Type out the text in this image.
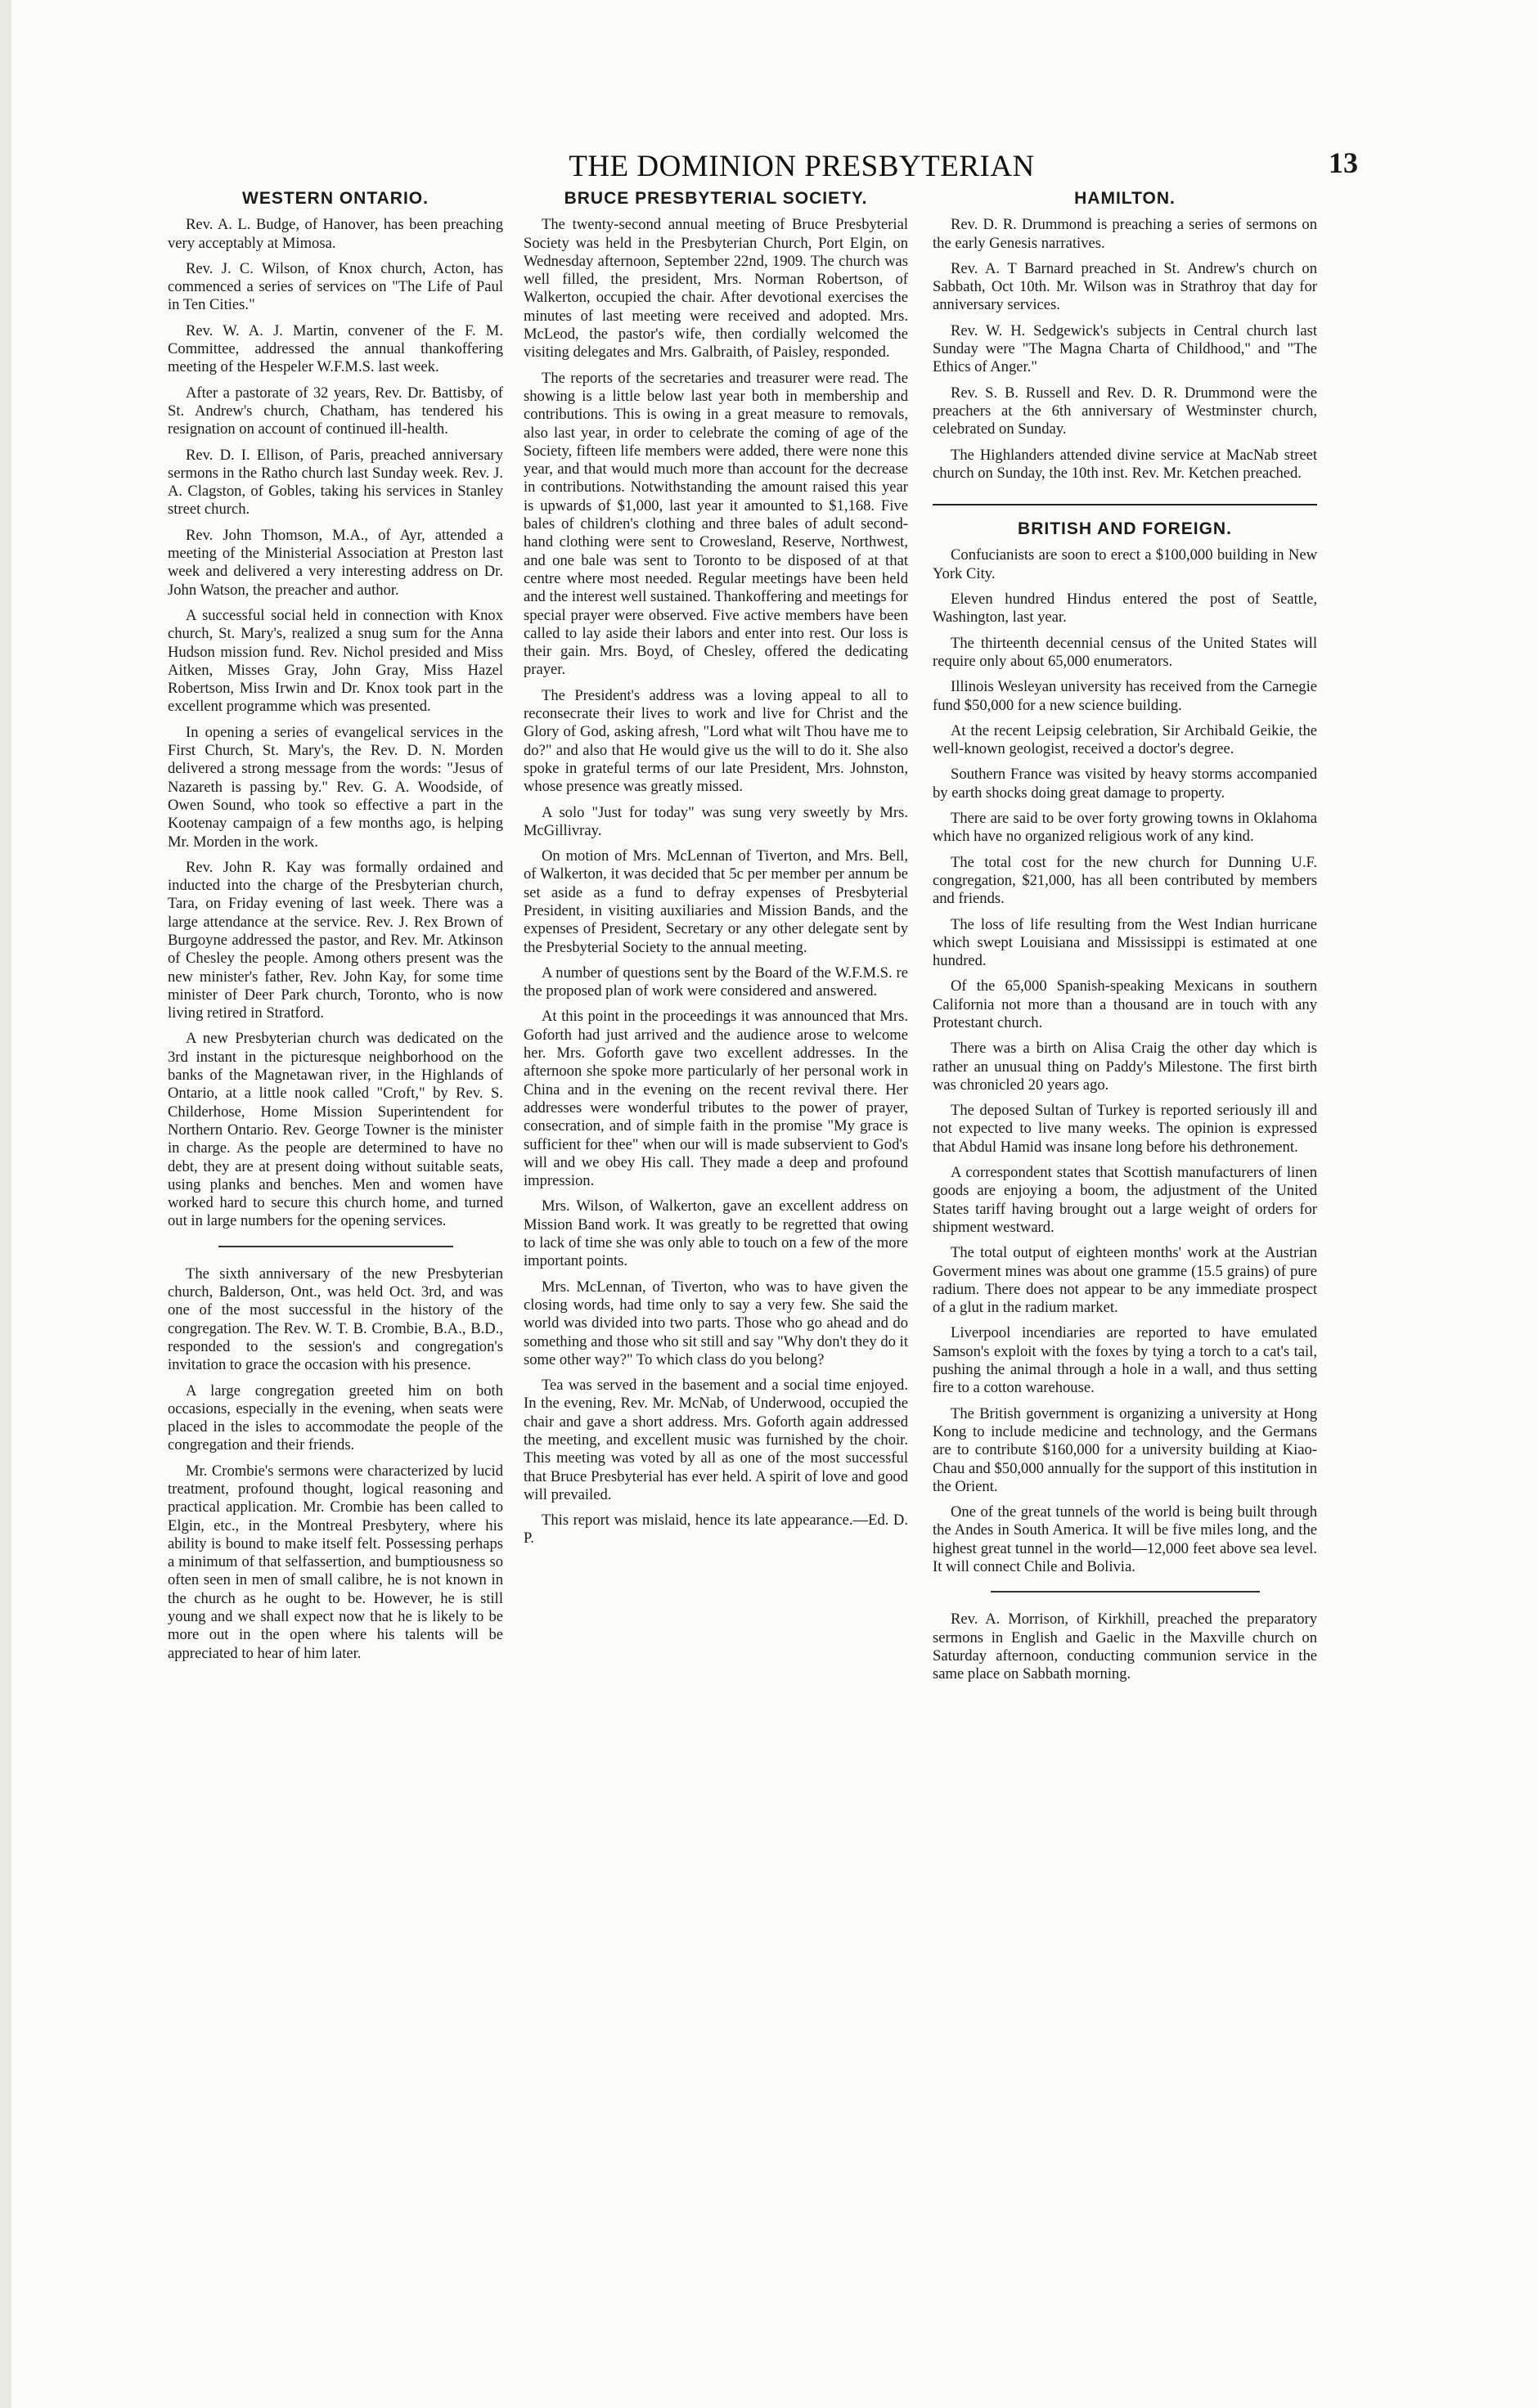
THE DOMINION PRESBYTERIAN	13
WESTERN ONTARIO.

Rev. A. L. Budge, of Hanover, has been preaching very acceptably at Mimosa.

Rev. J. C. Wilson, of Knox church, Acton, has commenced a series of services on "The Life of Paul in Ten Cities."

Rev. W. A. J. Martin, convener of the F. M. Committee, addressed the annual thankoffering meeting of the Hespeler W.F.M.S. last week.

After a pastorate of 32 years, Rev. Dr. Battisby, of St. Andrew's church, Chatham, has tendered his resignation on account of continued ill-health.

Rev. D. I. Ellison, of Paris, preached anniversary sermons in the Ratho church last Sunday week. Rev. J. A. Clagston, of Gobles, taking his services in Stanley street church.

Rev. John Thomson, M.A., of Ayr, attended a meeting of the Ministerial Association at Preston last week and delivered a very interesting address on Dr. John Watson, the preacher and author.

A successful social held in connection with Knox church, St. Mary's, realized a snug sum for the Anna Hudson mission fund. Rev. Nichol presided and Miss Aitken, Misses Gray, John Gray, Miss Hazel Robertson, Miss Irwin and Dr. Knox took part in the excellent programme which was presented.

In opening a series of evangelical services in the First Church, St. Mary's, the Rev. D. N. Morden delivered a strong message from the words: "Jesus of Nazareth is passing by." Rev. G. A. Woodside, of Owen Sound, who took so effective a part in the Kootenay campaign of a few months ago, is helping Mr. Morden in the work.

Rev. John R. Kay was formally ordained and inducted into the charge of the Presbyterian church, Tara, on Friday evening of last week. There was a large attendance at the service. Rev. J. Rex Brown of Burgoyne addressed the pastor, and Rev. Mr. Atkinson of Chesley the people. Among others present was the new minister's father, Rev. John Kay, for some time minister of Deer Park church, Toronto, who is now living retired in Stratford.

A new Presbyterian church was dedicated on the 3rd instant in the picturesque neighborhood on the banks of the Magnetawan river, in the Highlands of Ontario, at a little nook called "Croft," by Rev. S. Childerhose, Home Mission Superintendent for Northern Ontario. Rev. George Towner is the minister in charge. As the people are determined to have no debt, they are at present doing without suitable seats, using planks and benches. Men and women have worked hard to secure this church home, and turned out in large numbers for the opening services.

The sixth anniversary of the new Presbyterian church, Balderson, Ont., was held Oct. 3rd, and was one of the most successful in the history of the congregation. The Rev. W. T. B. Crombie, B.A., B.D., responded to the session's and congregation's invitation to grace the occasion with his presence.

A large congregation greeted him on both occasions, especially in the evening, when seats were placed in the isles to accommodate the people of the congregation and their friends.

Mr. Crombie's sermons were characterized by lucid treatment, profound thought, logical reasoning and practical application. Mr. Crombie has been called to Elgin, etc., in the Montreal Presbytery, where his ability is bound to make itself felt. Possessing perhaps a minimum of that selfassertion, and bumptiousness so often seen in men of small calibre, he is not known in the church as he ought to be. However, he is still young and we shall expect now that he is likely to be more out in the open where his talents will be appreciated to hear of him later.

BRUCE PRESBYTERIAL SOCIETY.

The twenty-second annual meeting of Bruce Presbyterial Society was held in the Presbyterian Church, Port Elgin, on Wednesday afternoon, September 22nd, 1909. The church was well filled, the president, Mrs. Norman Robertson, of Walkerton, occupied the chair. After devotional exercises the minutes of last meeting were received and adopted. Mrs. McLeod, the pastor's wife, then cordially welcomed the visiting delegates and Mrs. Galbraith, of Paisley, responded.

The reports of the secretaries and treasurer were read. The showing is a little below last year both in membership and contributions. This is owing in a great measure to removals, also last year, in order to celebrate the coming of age of the Society, fifteen life members were added, there were none this year, and that would much more than account for the decrease in contributions. Notwithstanding the amount raised this year is upwards of $1,000, last year it amounted to $1,168. Five bales of children's clothing and three bales of adult second-hand clothing were sent to Crowesland, Reserve, Northwest, and one bale was sent to Toronto to be disposed of at that centre where most needed. Regular meetings have been held and the interest well sustained. Thankoffering and meetings for special prayer were observed. Five active members have been called to lay aside their labors and enter into rest. Our loss is their gain. Mrs. Boyd, of Chesley, offered the dedicating prayer.

The President's address was a loving appeal to all to reconsecrate their lives to work and live for Christ and the Glory of God, asking afresh, "Lord what wilt Thou have me to do?" and also that He would give us the will to do it. She also spoke in grateful terms of our late President, Mrs. Johnston, whose presence was greatly missed.

A solo "Just for today" was sung very sweetly by Mrs. McGillivray.

On motion of Mrs. McLennan of Tiverton, and Mrs. Bell, of Walkerton, it was decided that 5c per member per annum be set aside as a fund to defray expenses of Presbyterial President, in visiting auxiliaries and Mission Bands, and the expenses of President, Secretary or any other delegate sent by the Presbyterial Society to the annual meeting.

A number of questions sent by the Board of the W.F.M.S. re the proposed plan of work were considered and answered.

At this point in the proceedings it was announced that Mrs. Goforth had just arrived and the audience arose to welcome her. Mrs. Goforth gave two excellent addresses. In the afternoon she spoke more particularly of her personal work in China and in the evening on the recent revival there. Her addresses were wonderful tributes to the power of prayer, consecration, and of simple faith in the promise "My grace is sufficient for thee" when our will is made subservient to God's will and we obey His call. They made a deep and profound impression.

Mrs. Wilson, of Walkerton, gave an excellent address on Mission Band work. It was greatly to be regretted that owing to lack of time she was only able to touch on a few of the more important points.

Mrs. McLennan, of Tiverton, who was to have given the closing words, had time only to say a very few. She said the world was divided into two parts. Those who go ahead and do something and those who sit still and say "Why don't they do it some other way?" To which class do you belong?

Tea was served in the basement and a social time enjoyed. In the evening, Rev. Mr. McNab, of Underwood, occupied the chair and gave a short address. Mrs. Goforth again addressed the meeting, and excellent music was furnished by the choir. This meeting was voted by all as one of the most successful that Bruce Presbyterial has ever held. A spirit of love and good will prevailed.

This report was mislaid, hence its late appearance.—Ed. D. P.

HAMILTON.

Rev. D. R. Drummond is preaching a series of sermons on the early Genesis narratives.

Rev. A. T Barnard preached in St. Andrew's church on Sabbath, Oct 10th. Mr. Wilson was in Strathroy that day for anniversary services.

Rev. W. H. Sedgewick's subjects in Central church last Sunday were "The Magna Charta of Childhood," and "The Ethics of Anger."

Rev. S. B. Russell and Rev. D. R. Drummond were the preachers at the 6th anniversary of Westminster church, celebrated on Sunday.

The Highlanders attended divine service at MacNab street church on Sunday, the 10th inst. Rev. Mr. Ketchen preached.

BRITISH AND FOREIGN.

Confucianists are soon to erect a $100,000 building in New York City.

Eleven hundred Hindus entered the post of Seattle, Washington, last year.

The thirteenth decennial census of the United States will require only about 65,000 enumerators.

Illinois Wesleyan university has received from the Carnegie fund $50,000 for a new science building.

At the recent Leipsig celebration, Sir Archibald Geikie, the well-known geologist, received a doctor's degree.

Southern France was visited by heavy storms accompanied by earth shocks doing great damage to property.

There are said to be over forty growing towns in Oklahoma which have no organized religious work of any kind.

The total cost for the new church for Dunning U.F. congregation, $21,000, has all been contributed by members and friends.

The loss of life resulting from the West Indian hurricane which swept Louisiana and Mississippi is estimated at one hundred.

Of the 65,000 Spanish-speaking Mexicans in southern California not more than a thousand are in touch with any Protestant church.

There was a birth on Alisa Craig the other day which is rather an unusual thing on Paddy's Milestone. The first birth was chronicled 20 years ago.

The deposed Sultan of Turkey is reported seriously ill and not expected to live many weeks. The opinion is expressed that Abdul Hamid was insane long before his dethronement.

A correspondent states that Scottish manufacturers of linen goods are enjoying a boom, the adjustment of the United States tariff having brought out a large weight of orders for shipment westward.

The total output of eighteen months' work at the Austrian Goverment mines was about one gramme (15.5 grains) of pure radium. There does not appear to be any immediate prospect of a glut in the radium market.

Liverpool incendiaries are reported to have emulated Samson's exploit with the foxes by tying a torch to a cat's tail, pushing the animal through a hole in a wall, and thus setting fire to a cotton warehouse.

The British government is organizing a university at Hong Kong to include medicine and technology, and the Germans are to contribute $160,000 for a university building at Kiao-Chau and $50,000 annually for the support of this institution in the Orient.

One of the great tunnels of the world is being built through the Andes in South America. It will be five miles long, and the highest great tunnel in the world—12,000 feet above sea level. It will connect Chile and Bolivia.

Rev. A. Morrison, of Kirkhill, preached the preparatory sermons in English and Gaelic in the Maxville church on Saturday afternoon, conducting communion service in the same place on Sabbath morning.
